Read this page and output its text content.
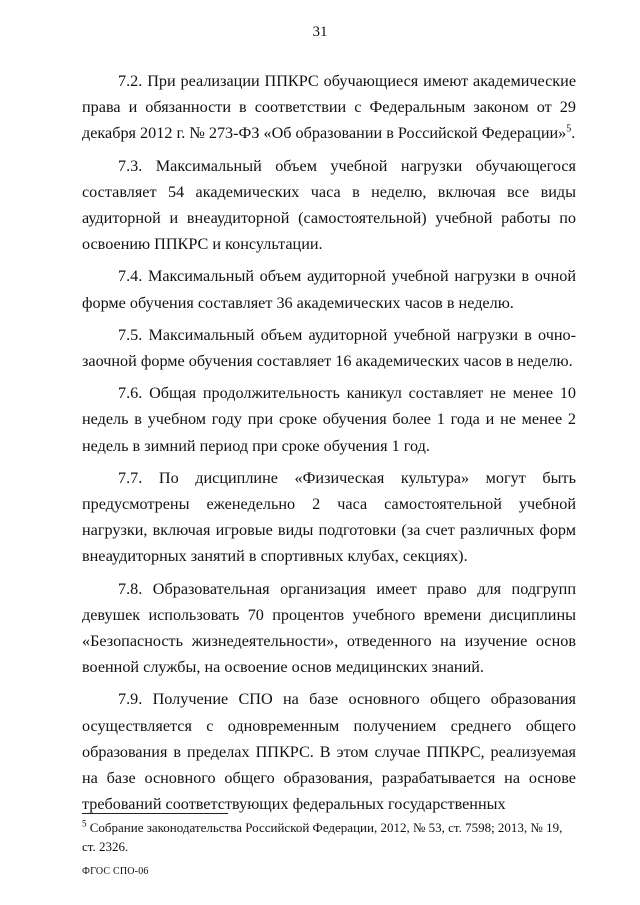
31

7.2. При реализации ППКРС обучающиеся имеют академические права и обязанности в соответствии с Федеральным законом от 29 декабря 2012 г. № 273-ФЗ «Об образовании в Российской Федерации»$^5$.

7.3. Максимальный объем учебной нагрузки обучающегося составляет 54 академических часа в неделю, включая все виды аудиторной и внеаудиторной (самостоятельной) учебной работы по освоению ППКРС и консультации.

7.4. Максимальный объем аудиторной учебной нагрузки в очной форме обучения составляет 36 академических часов в неделю.

7.5. Максимальный объем аудиторной учебной нагрузки в очно-заочной форме обучения составляет 16 академических часов в неделю.

7.6. Общая продолжительность каникул составляет не менее 10 недель в учебном году при сроке обучения более 1 года и не менее 2 недель в зимний период при сроке обучения 1 год.

7.7. По дисциплине «Физическая культура» могут быть предусмотрены еженедельно 2 часа самостоятельной учебной нагрузки, включая игровые виды подготовки (за счет различных форм внеаудиторных занятий в спортивных клубах, секциях).

7.8. Образовательная организация имеет право для подгрупп девушек использовать 70 процентов учебного времени дисциплины «Безопасность жизнедеятельности», отведенного на изучение основ военной службы, на освоение основ медицинских знаний.

7.9. Получение СПО на базе основного общего образования осуществляется с одновременным получением среднего общего образования в пределах ППКРС. В этом случае ППКРС, реализуемая на базе основного общего образования, разрабатывается на основе требований соответствующих федеральных государственных

$^5$ Собрание законодательства Российской Федерации, 2012, № 53, ст. 7598; 2013, № 19, ст. 2326.
ФГОС СПО-06
